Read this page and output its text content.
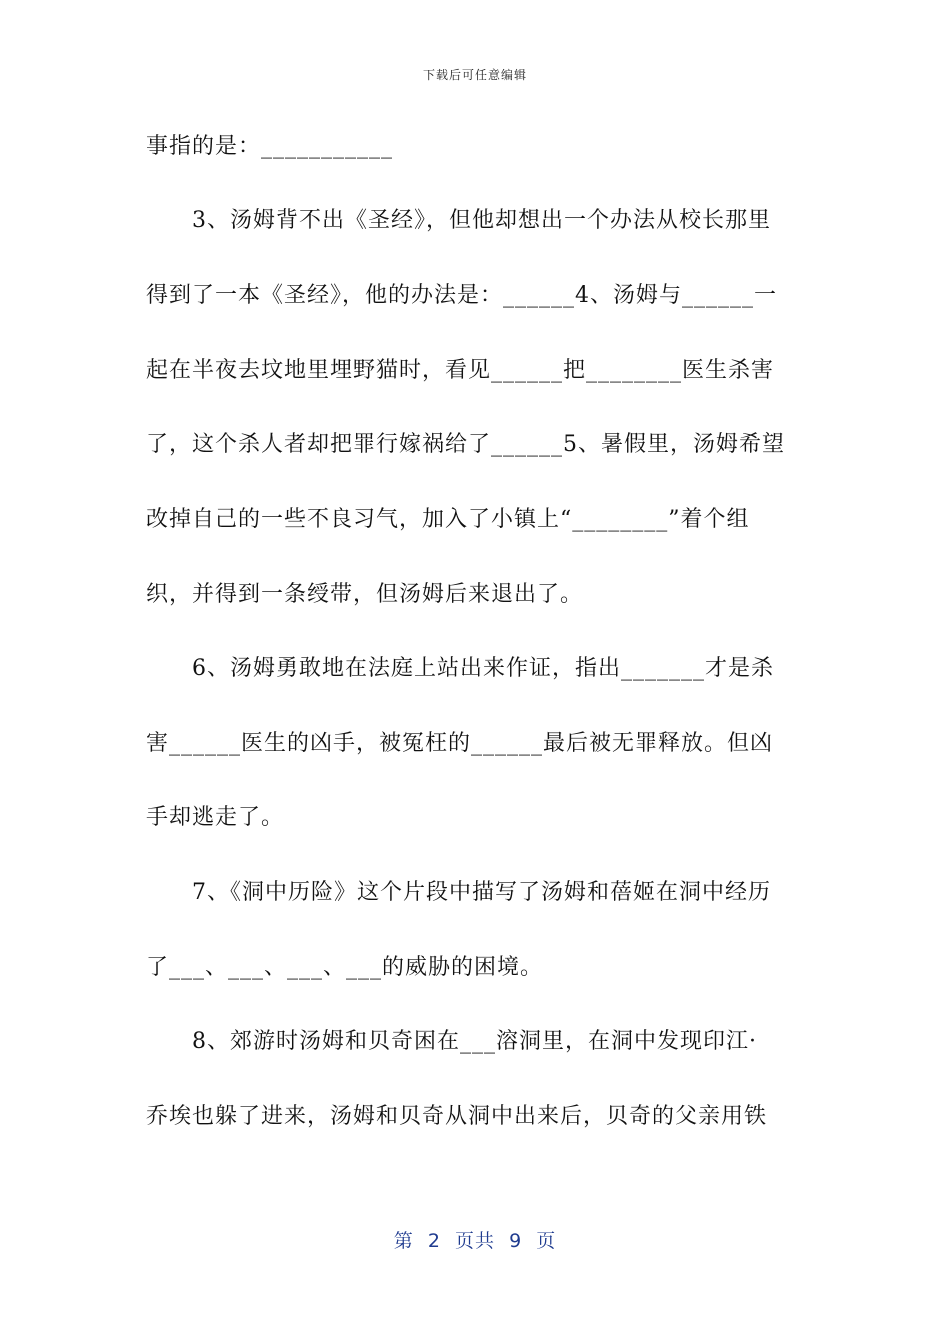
下载后可任意编辑
事指的是：___________
　　3、汤姆背不出《圣经》，但他却想出一个办法从校长那里
得到了一本《圣经》，他的办法是：______4、汤姆与______一
起在半夜去坟地里埋野猫时，看见______把________医生杀害
了，这个杀人者却把罪行嫁祸给了______5、暑假里，汤姆希望
改掉自己的一些不良习气，加入了小镇上“________”着个组
织，并得到一条绶带，但汤姆后来退出了。
　　6、汤姆勇敢地在法庭上站出来作证，指出_______才是杀
害______医生的凶手，被冤枉的______最后被无罪释放。但凶
手却逃走了。
　　7、《洞中历险》这个片段中描写了汤姆和蓓姬在洞中经历
了___、___、___、___的威胁的困境。
　　8、郊游时汤姆和贝奇困在___溶洞里，在洞中发现印江·
乔埃也躲了进来，汤姆和贝奇从洞中出来后，贝奇的父亲用铁
第  2  页共  9  页
